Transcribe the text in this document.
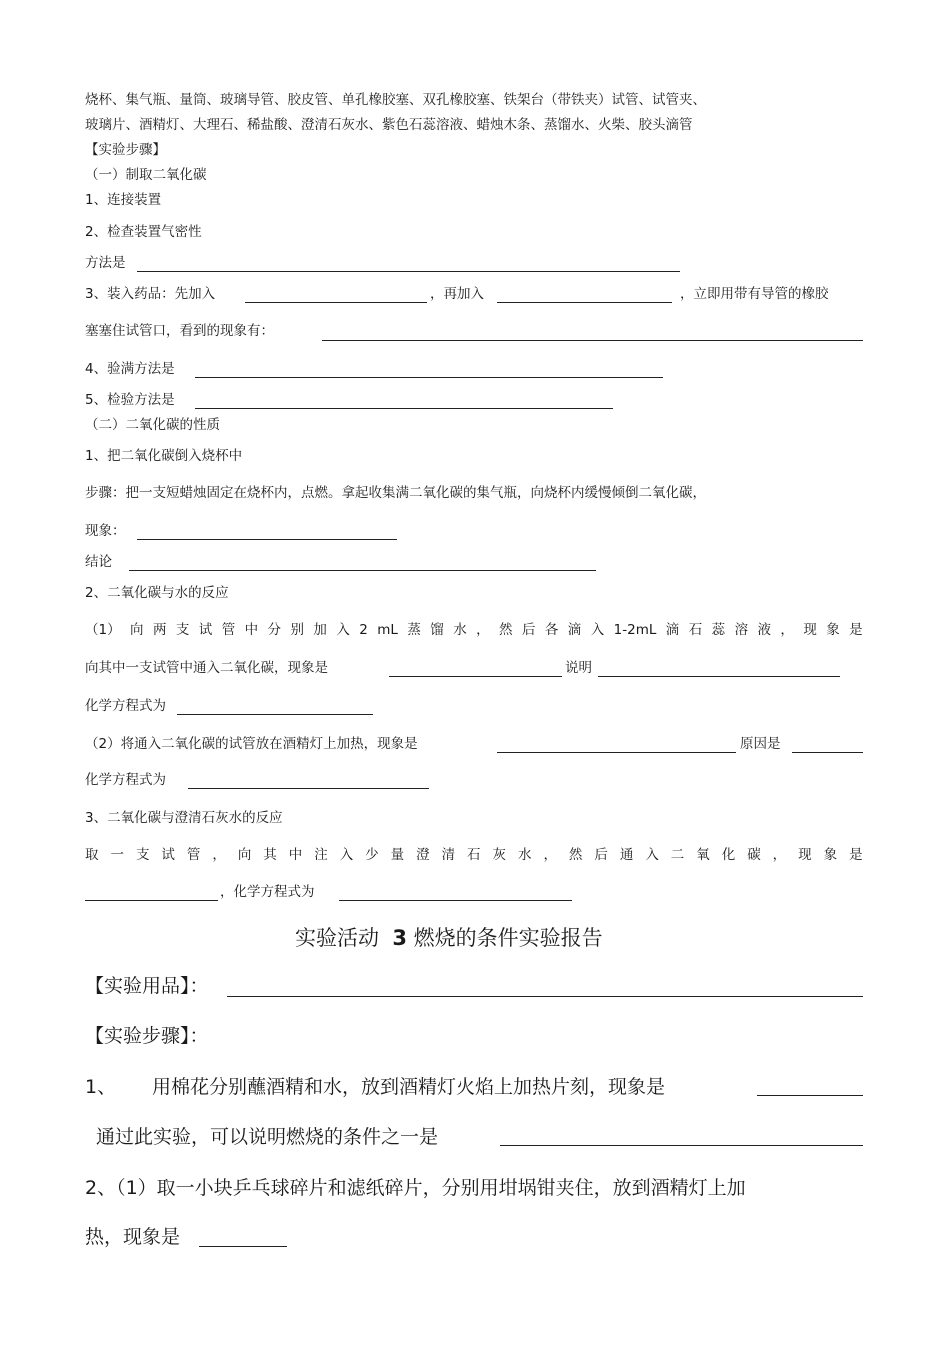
烧杯、集气瓶、量筒、玻璃导管、胶皮管、单孔橡胶塞、双孔橡胶塞、铁架台（带铁夹）试管、试管夹、
玻璃片、酒精灯、大理石、稀盐酸、澄清石灰水、紫色石蕊溶液、蜡烛木条、蒸馏水、火柴、胶头滴管
【实验步骤】
（一）制取二氧化碳
1、连接装置
2、检查装置气密性
方法是
3、装入药品：先加入	，再加入	，立即用带有导管的橡胶
塞塞住试管口，看到的现象有：
4、验满方法是
5、检验方法是
（二）二氧化碳的性质
1、把二氧化碳倒入烧杯中
步骤：把一支短蜡烛固定在烧杯内，点燃。拿起收集满二氧化碳的集气瓶，向烧杯内缓慢倾倒二氧化碳，
现象：
结论
2、二氧化碳与水的反应
（1） 向 两 支 试 管 中 分 别 加 入 2 mL 蒸 馏 水 ， 然 后 各 滴 入 1-2mL 滴 石 蕊 溶 液 ， 现 象 是
向其中一支试管中通入二氧化碳，现象是	说明
化学方程式为
（2）将通入二氧化碳的试管放在酒精灯上加热，现象是	原因是
化学方程式为
3、二氧化碳与澄清石灰水的反应
取 一 支 试 管 ， 向 其 中 注 入 少 量 澄 清 石 灰 水 ， 然 后 通 入 二 氧 化 碳 ， 现 象 是
，化学方程式为
实验活动 3 燃烧的条件实验报告
【实验用品】：
【实验步骤】：
1、 用棉花分别蘸酒精和水，放到酒精灯火焰上加热片刻，现象是
通过此实验，可以说明燃烧的条件之一是
2、（1）取一小块乒乓球碎片和滤纸碎片，分别用坩埚钳夹住，放到酒精灯上加
热，现象是
